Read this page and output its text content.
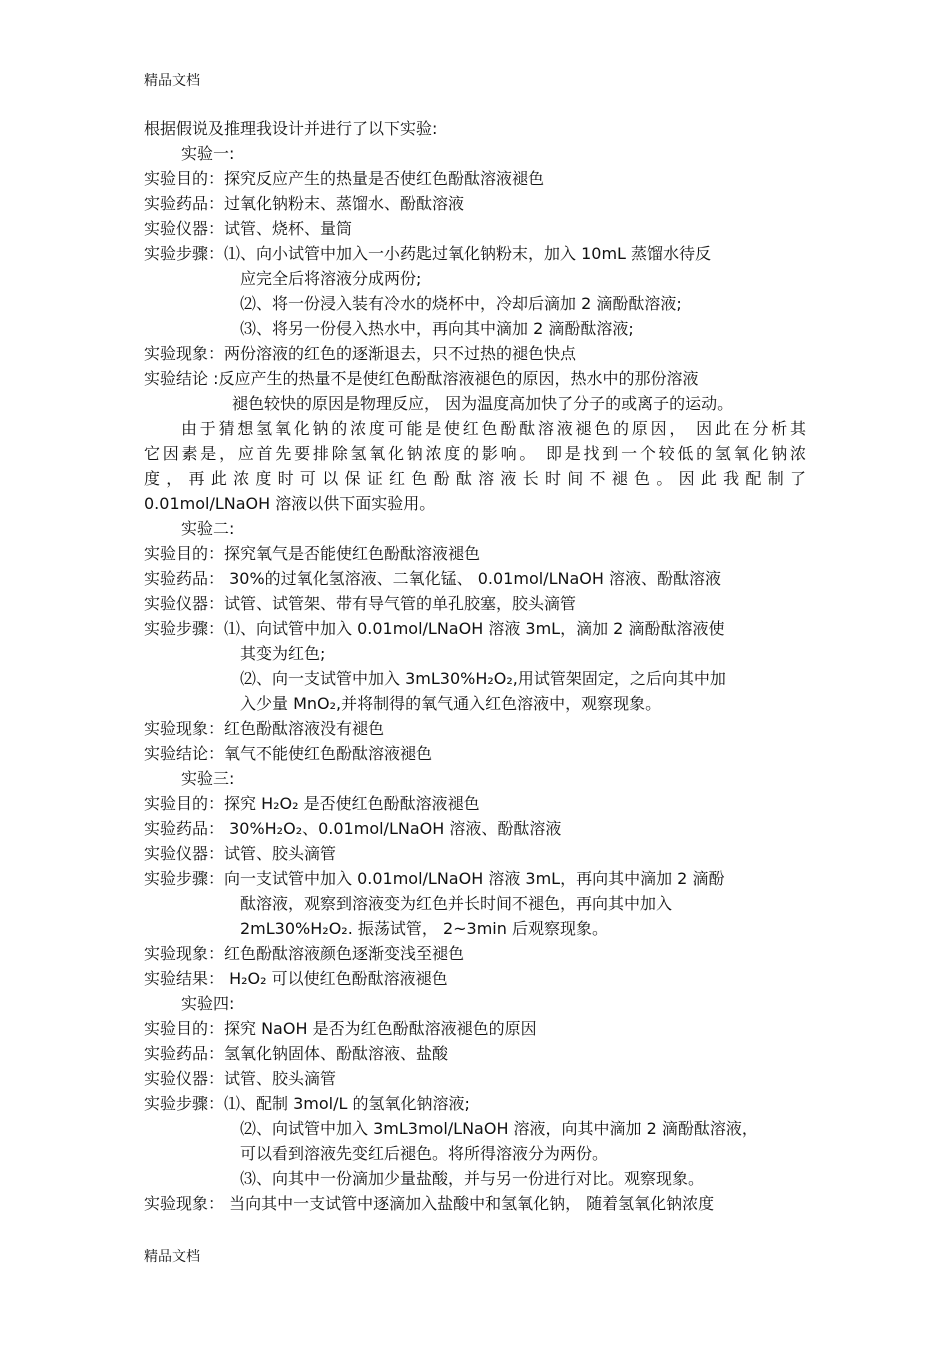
精品文档
根据假说及推理我设计并进行了以下实验:
实验一:
实验目的：探究反应产生的热量是否使红色酚酞溶液褪色
实验药品：过氧化钠粉末、蒸馏水、酚酞溶液
实验仪器：试管、烧杯、量筒
实验步骤：⑴、向小试管中加入一小药匙过氧化钠粉末，加入 10mL 蒸馏水待反
应完全后将溶液分成两份;
⑵、将一份浸入装有冷水的烧杯中，冷却后滴加 2 滴酚酞溶液;
⑶、将另一份侵入热水中，再向其中滴加 2 滴酚酞溶液;
实验现象：两份溶液的红色的逐渐退去，只不过热的褪色快点
实验结论 :反应产生的热量不是使红色酚酞溶液褪色的原因，热水中的那份溶液
褪色较快的原因是物理反应， 因为温度高加快了分子的或离子的运动。
由于猜想氢氧化钠的浓度可能是使红色酚酞溶液褪色的原因， 因此在分析其
它因素是，应首先要排除氢氧化钠浓度的影响。 即是找到一个较低的氢氧化钠浓
度，再此浓度时可以保证红色酚酞溶液长时间不褪色。因此我配制了
0.01mol/LNaOH 溶液以供下面实验用。
实验二:
实验目的：探究氧气是否能使红色酚酞溶液褪色
实验药品： 30%的过氧化氢溶液、二氧化锰、 0.01mol/LNaOH 溶液、酚酞溶液
实验仪器：试管、试管架、带有导气管的单孔胶塞，胶头滴管
实验步骤：⑴、向试管中加入 0.01mol/LNaOH 溶液 3mL，滴加 2 滴酚酞溶液使
其变为红色;
⑵、向一支试管中加入 3mL30%H₂O₂,用试管架固定，之后向其中加
入少量 MnO₂,并将制得的氧气通入红色溶液中，观察现象。
实验现象：红色酚酞溶液没有褪色
实验结论：氧气不能使红色酚酞溶液褪色
实验三:
实验目的：探究 H₂O₂ 是否使红色酚酞溶液褪色
实验药品： 30%H₂O₂、0.01mol/LNaOH 溶液、酚酞溶液
实验仪器：试管、胶头滴管
实验步骤：向一支试管中加入 0.01mol/LNaOH 溶液 3mL，再向其中滴加 2 滴酚
酞溶液，观察到溶液变为红色并长时间不褪色，再向其中加入
2mL30%H₂O₂. 振荡试管， 2~3min 后观察现象。
实验现象：红色酚酞溶液颜色逐渐变浅至褪色
实验结果： H₂O₂ 可以使红色酚酞溶液褪色
实验四:
实验目的：探究 NaOH 是否为红色酚酞溶液褪色的原因
实验药品：氢氧化钠固体、酚酞溶液、盐酸
实验仪器：试管、胶头滴管
实验步骤：⑴、配制 3mol/L 的氢氧化钠溶液;
⑵、向试管中加入 3mL3mol/LNaOH 溶液，向其中滴加 2 滴酚酞溶液，
可以看到溶液先变红后褪色。将所得溶液分为两份。
⑶、向其中一份滴加少量盐酸，并与另一份进行对比。观察现象。
实验现象： 当向其中一支试管中逐滴加入盐酸中和氢氧化钠， 随着氢氧化钠浓度
精品文档
